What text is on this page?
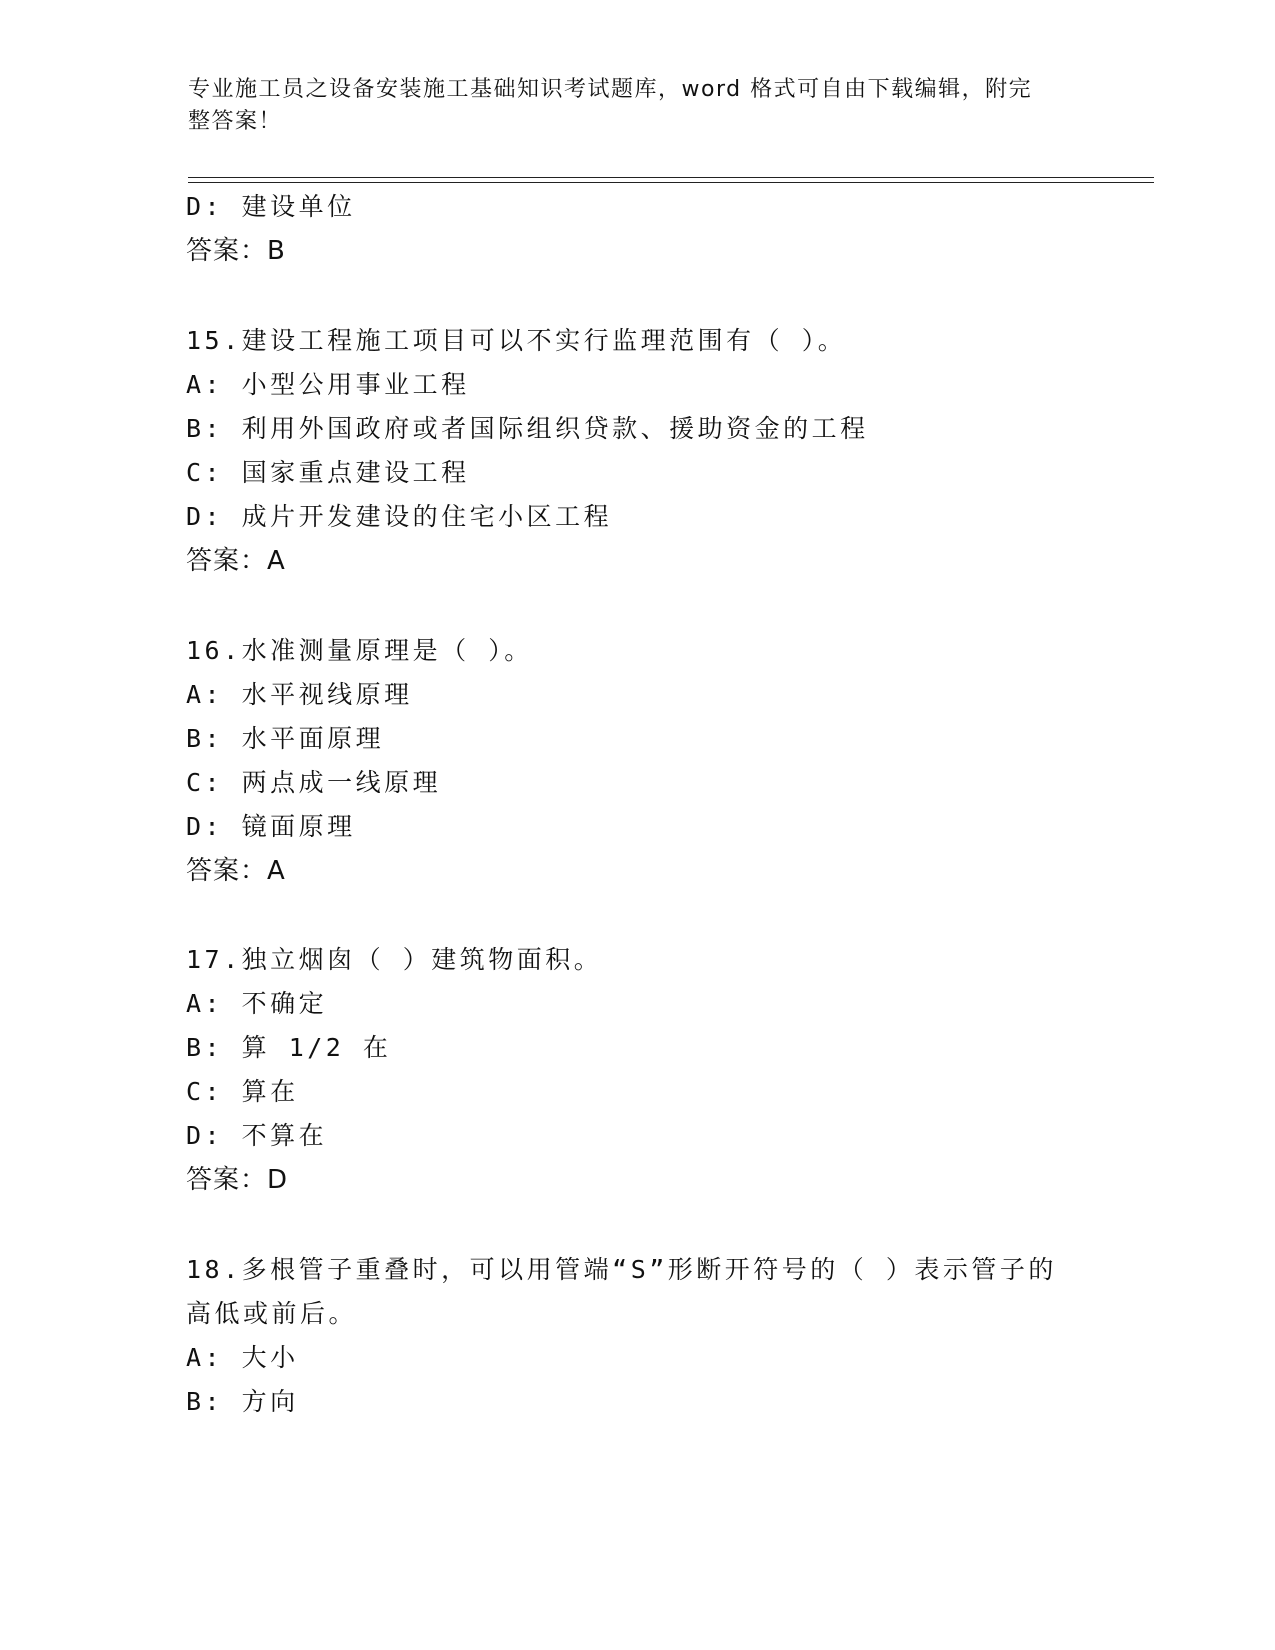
专业施工员之设备安装施工基础知识考试题库，word 格式可自由下载编辑，附完
整答案！
D: 建设单位
答案：B
15.建设工程施工项目可以不实行监理范围有（ ）。
A: 小型公用事业工程
B: 利用外国政府或者国际组织贷款、援助资金的工程
C: 国家重点建设工程
D: 成片开发建设的住宅小区工程
答案：A
16.水准测量原理是（ ）。
A: 水平视线原理
B: 水平面原理
C: 两点成一线原理
D: 镜面原理
答案：A
17.独立烟囱（ ）建筑物面积。
A: 不确定
B: 算 1/2 在
C: 算在
D: 不算在
答案：D
18.多根管子重叠时，可以用管端“S”形断开符号的（ ）表示管子的
高低或前后。
A: 大小
B: 方向
